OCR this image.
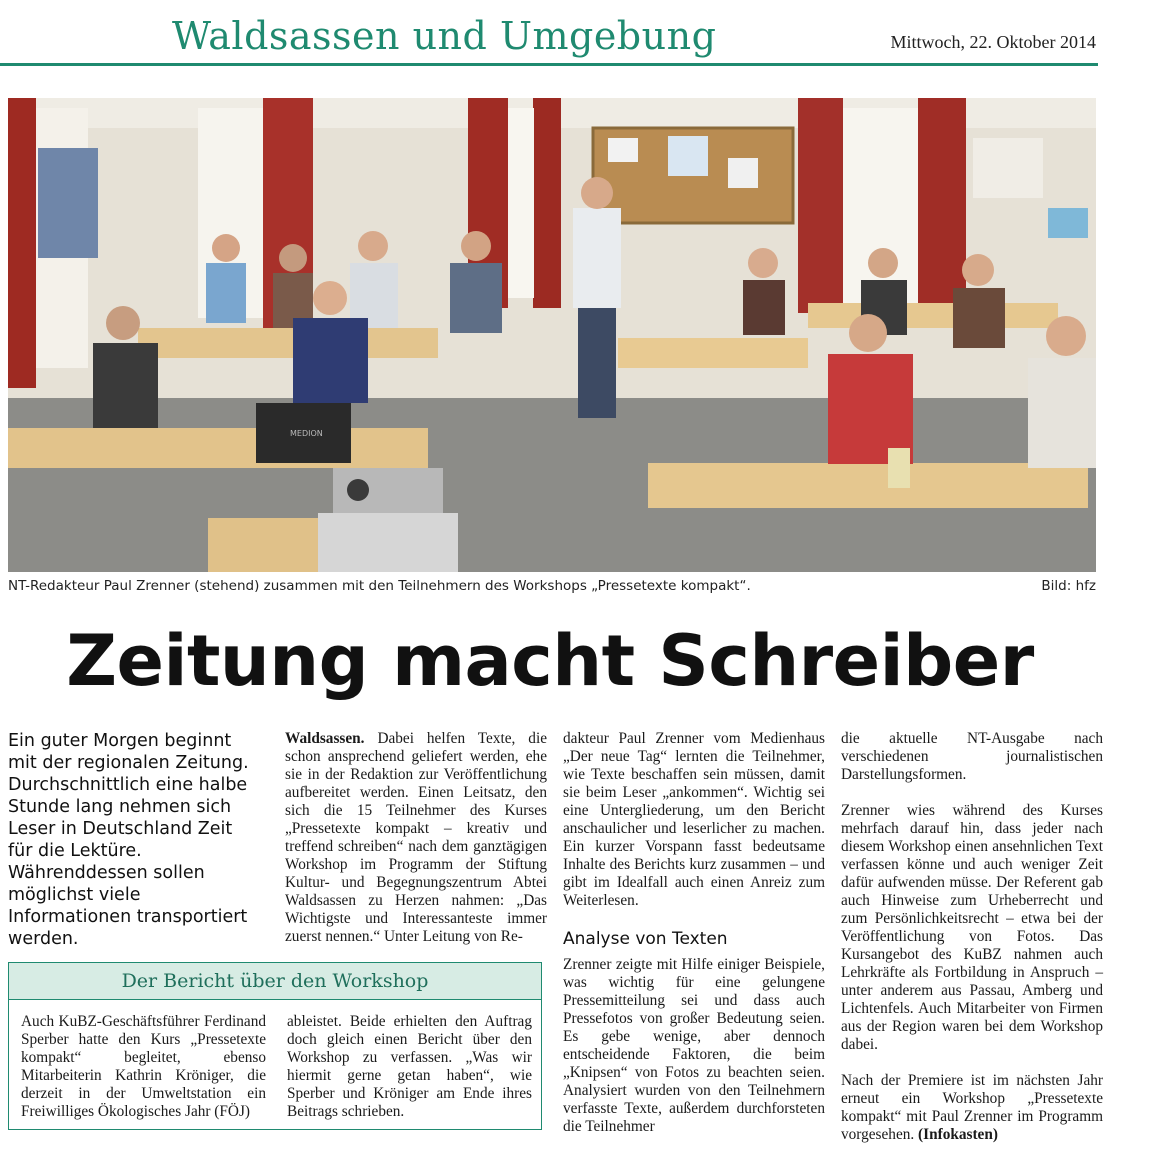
Waldsassen und Umgebung	Mittwoch, 22. Oktober 2014
MEDION
NT-Redakteur Paul Zrenner (stehend) zusammen mit den Teilnehmern des Workshops „Pressetexte kompakt“.	Bild: hfz
Zeitung macht Schreiber
Ein guter Morgen beginnt mit der regionalen Zeitung. Durchschnittlich eine halbe Stunde lang nehmen sich Leser in Deutschland Zeit für die Lektüre. Währenddessen sollen möglichst viele Informationen transportiert werden.

Waldsassen. Dabei helfen Texte, die schon ansprechend geliefert werden, ehe sie in der Redaktion zur Veröffentlichung aufbereitet werden. Einen Leitsatz, den sich die 15 Teilnehmer des Kurses „Pressetexte kompakt – kreativ und treffend schreiben“ nach dem ganztägigen Workshop im Programm der Stiftung Kultur- und Begegnungszentrum Abtei Waldsassen zu Herzen nahmen: „Das Wichtigste und Interessanteste immer zuerst nennen.“ Unter Leitung von Re-

dakteur Paul Zrenner vom Medienhaus „Der neue Tag“ lernten die Teilnehmer, wie Texte beschaffen sein müssen, damit sie beim Leser „ankommen“. Wichtig sei eine Untergliederung, um den Bericht anschaulicher und leserlicher zu machen. Ein kurzer Vorspann fasst bedeutsame Inhalte des Berichts kurz zusammen – und gibt im Idealfall auch einen Anreiz zum Weiterlesen.

Analyse von Texten

Zrenner zeigte mit Hilfe einiger Beispiele, was wichtig für eine gelungene Pressemitteilung sei und dass auch Pressefotos von großer Bedeutung seien. Es gebe wenige, aber dennoch entscheidende Faktoren, die beim „Knipsen“ von Fotos zu beachten seien. Analysiert wurden von den Teilnehmern verfasste Texte, außerdem durchforsteten die Teilnehmer

die aktuelle NT-Ausgabe nach verschiedenen journalistischen Darstellungsformen.

Zrenner wies während des Kurses mehrfach darauf hin, dass jeder nach diesem Workshop einen ansehnlichen Text verfassen könne und auch weniger Zeit dafür aufwenden müsse. Der Referent gab auch Hinweise zum Urheberrecht und zum Persönlichkeitsrecht – etwa bei der Veröffentlichung von Fotos. Das Kursangebot des KuBZ nahmen auch Lehrkräfte als Fortbildung in Anspruch – unter anderem aus Passau, Amberg und Lichtenfels. Auch Mitarbeiter von Firmen aus der Region waren bei dem Workshop dabei.

Nach der Premiere ist im nächsten Jahr erneut ein Workshop „Pressetexte kompakt“ mit Paul Zrenner im Programm vorgesehen. (Infokasten)

Der Bericht über den Workshop
Auch KuBZ-Geschäftsführer Ferdinand Sperber hatte den Kurs „Pressetexte kompakt“ begleitet, ebenso Mitarbeiterin Kathrin Kröniger, die derzeit in der Umweltstation ein Freiwilliges Ökologisches Jahr (FÖJ)
ableistet. Beide erhielten den Auftrag doch gleich einen Bericht über den Workshop zu verfassen. „Was wir hiermit gerne getan haben“, wie Sperber und Kröniger am Ende ihres Beitrags schrieben.
